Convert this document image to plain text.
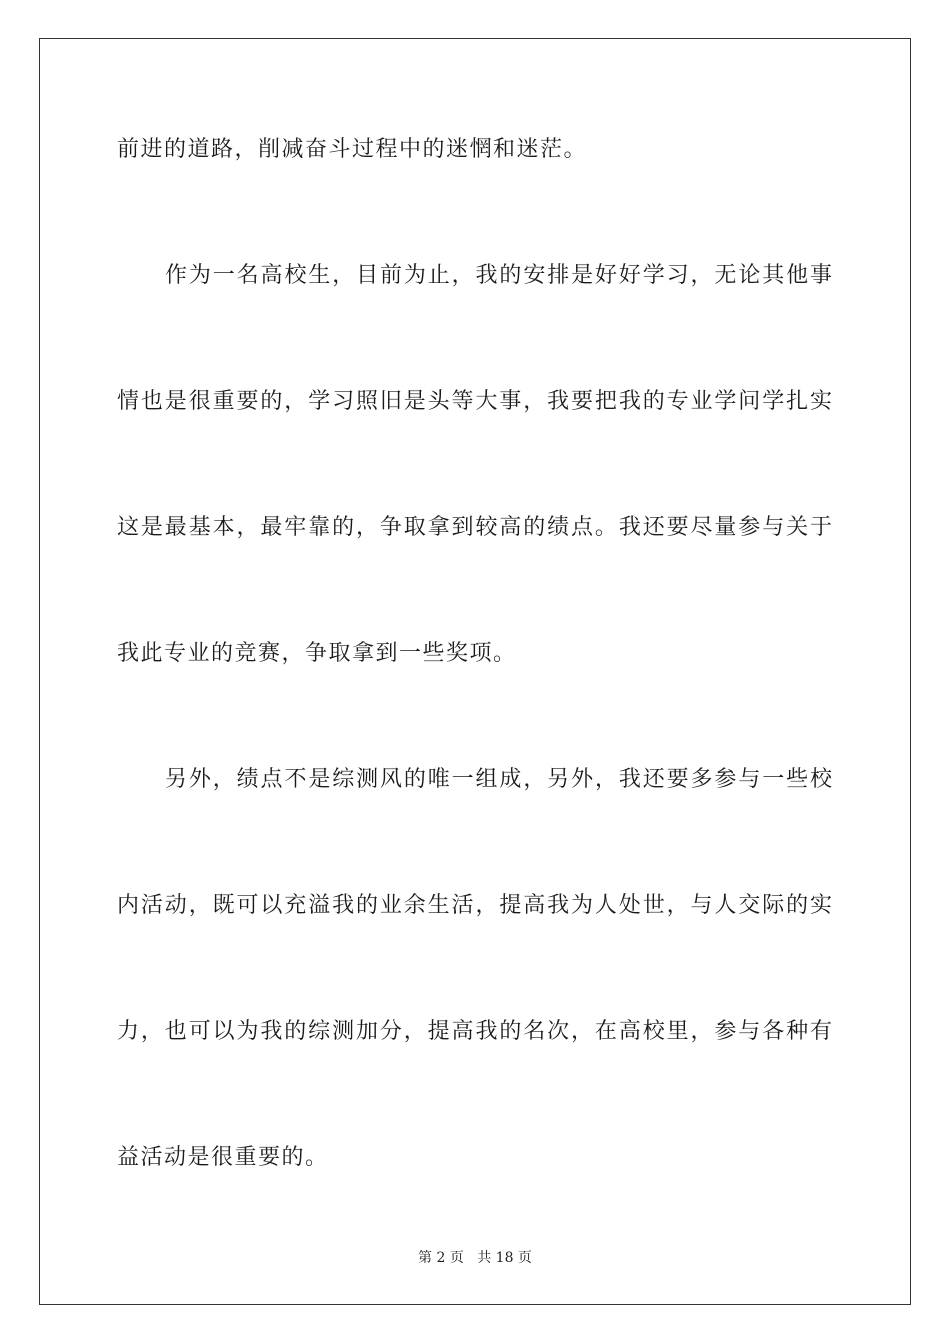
前进的道路，削减奋斗过程中的迷惘和迷茫。
作为一名高校生，目前为止，我的安排是好好学习，无论其他事
情也是很重要的，学习照旧是头等大事，我要把我的专业学问学扎实
这是最基本，最牢靠的，争取拿到较高的绩点。我还要尽量参与关于
我此专业的竞赛，争取拿到一些奖项。
另外，绩点不是综测风的唯一组成，另外，我还要多参与一些校
内活动，既可以充溢我的业余生活，提高我为人处世，与人交际的实
力，也可以为我的综测加分，提高我的名次，在高校里，参与各种有
益活动是很重要的。
第 2 页 共 18 页
